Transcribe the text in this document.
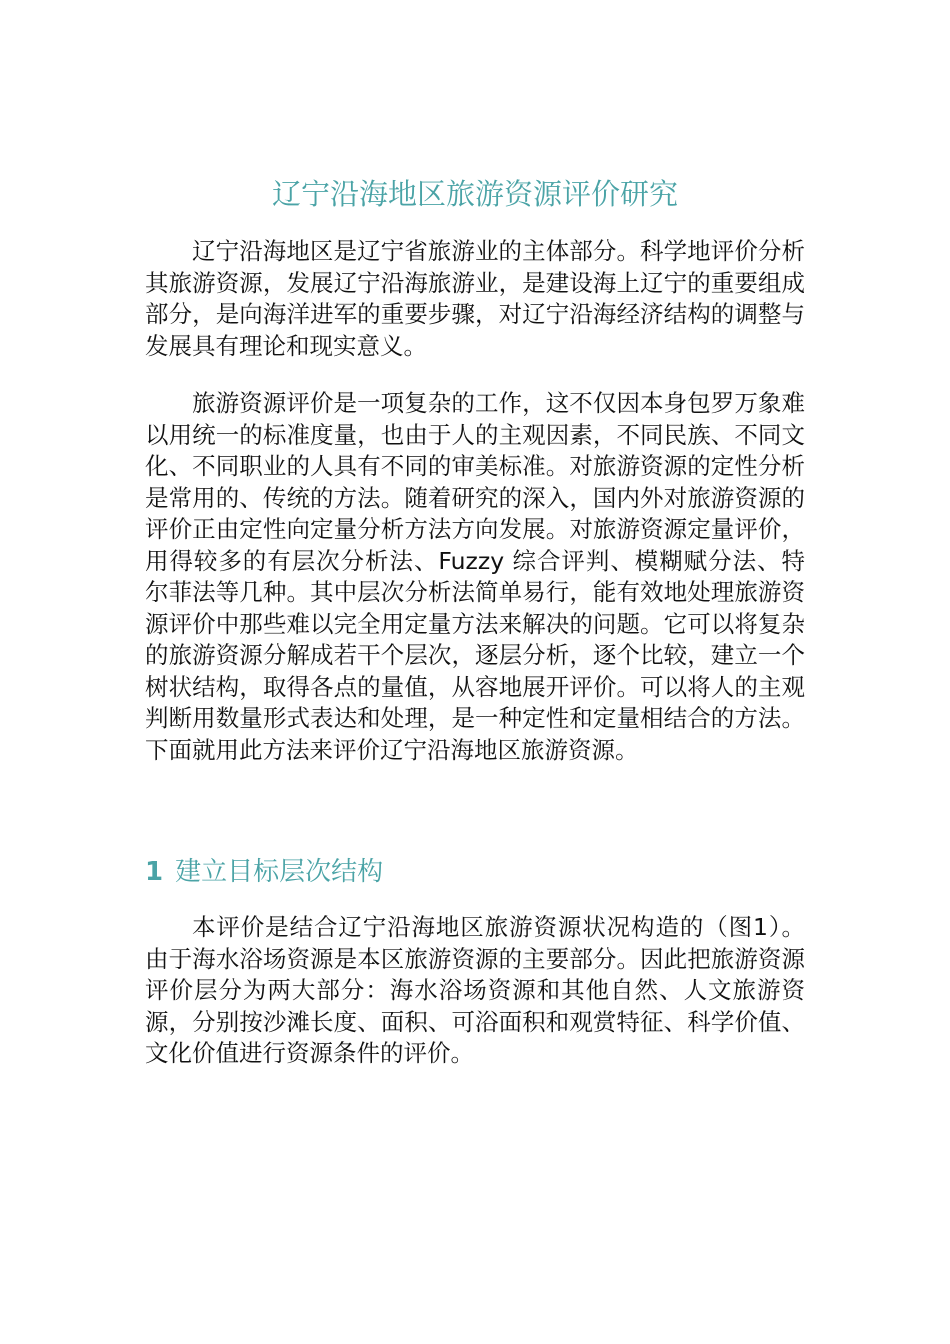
辽宁沿海地区旅游资源评价研究

辽宁沿海地区是辽宁省旅游业的主体部分。科学地评价分析其旅游资源，发展辽宁沿海旅游业，是建设海上辽宁的重要组成部分，是向海洋进军的重要步骤，对辽宁沿海经济结构的调整与发展具有理论和现实意义。

旅游资源评价是一项复杂的工作，这不仅因本身包罗万象难以用统一的标准度量，也由于人的主观因素，不同民族、不同文化、不同职业的人具有不同的审美标准。对旅游资源的定性分析是常用的、传统的方法。随着研究的深入，国内外对旅游资源的评价正由定性向定量分析方法方向发展。对旅游资源定量评价，用得较多的有层次分析法、Fuzzy 综合评判、模糊赋分法、特尔菲法等几种。其中层次分析法简单易行，能有效地处理旅游资源评价中那些难以完全用定量方法来解决的问题。它可以将复杂的旅游资源分解成若干个层次，逐层分析，逐个比较，建立一个树状结构，取得各点的量值，从容地展开评价。可以将人的主观判断用数量形式表达和处理，是一种定性和定量相结合的方法。下面就用此方法来评价辽宁沿海地区旅游资源。

1 建立目标层次结构

本评价是结合辽宁沿海地区旅游资源状况构造的（图1）。由于海水浴场资源是本区旅游资源的主要部分。因此把旅游资源评价层分为两大部分：海水浴场资源和其他自然、人文旅游资源，分别按沙滩长度、面积、可浴面积和观赏特征、科学价值、文化价值进行资源条件的评价。
